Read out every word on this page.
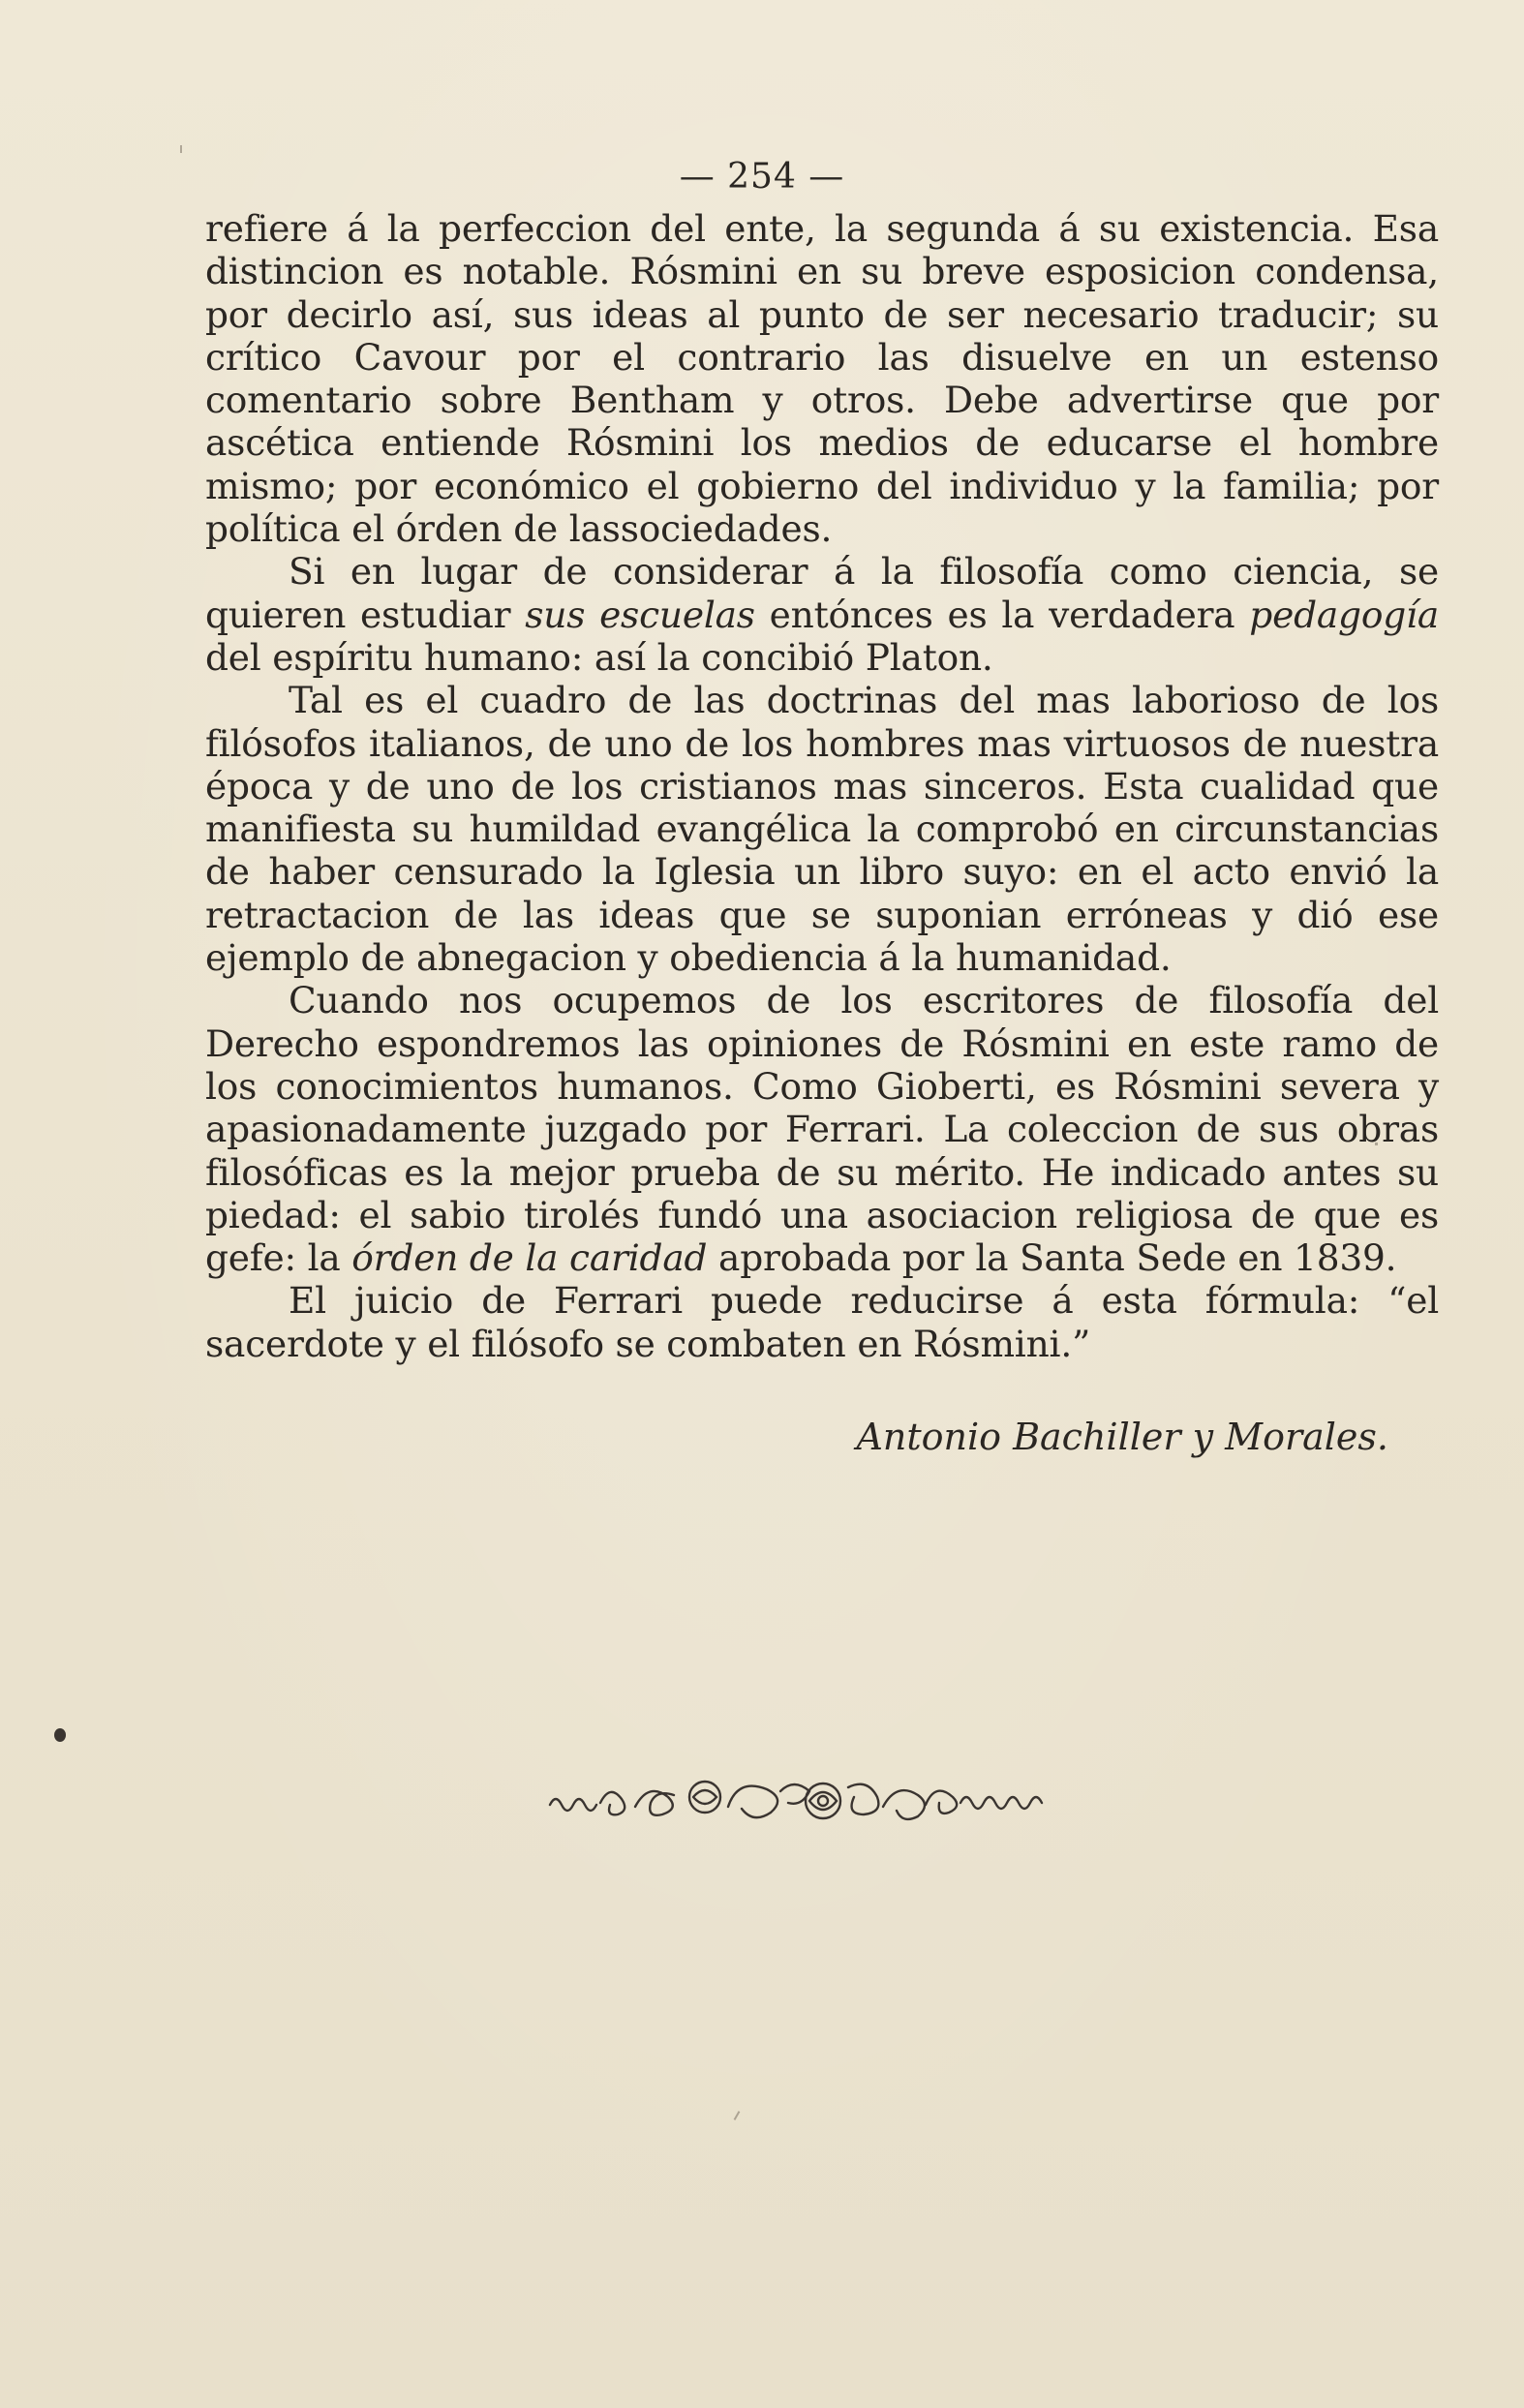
— 254 —

refiere á la perfeccion del ente, la segunda á su existencia. Esa distincion es notable. Rósmini en su breve esposicion condensa, por decirlo así, sus ideas al punto de ser necesario traducir; su crítico Cavour por el contrario las disuelve en un estenso comentario sobre Bentham y otros. Debe advertirse que por ascética entiende Rósmini los medios de educarse el hombre mismo; por económico el gobierno del individuo y la familia; por política el órden de lassociedades.

Si en lugar de considerar á la filosofía como ciencia, se quieren estudiar sus escuelas entónces es la verdadera pedagogía del espíritu humano: así la concibió Platon.

Tal es el cuadro de las doctrinas del mas laborioso de los filósofos italianos, de uno de los hombres mas virtuosos de nuestra época y de uno de los cristianos mas sinceros. Esta cualidad que manifiesta su humildad evangélica la comprobó en circunstancias de haber censurado la Iglesia un libro suyo: en el acto envió la retractacion de las ideas que se suponian erróneas y dió ese ejemplo de abnegacion y obediencia á la humanidad.

Cuando nos ocupemos de los escritores de filosofía del Derecho espondremos las opiniones de Rósmini en este ramo de los conocimientos humanos. Como Gioberti, es Rósmini severa y apasionadamente juzgado por Ferrari. La coleccion de sus obras filosóficas es la mejor prueba de su mérito. He indicado antes su piedad: el sabio tirolés fundó una asociacion religiosa de que es gefe: la órden de la caridad aprobada por la Santa Sede en 1839.

El juicio de Ferrari puede reducirse á esta fórmula: “el sacerdote y el filósofo se combaten en Rósmini.”

Antonio Bachiller y Morales.
